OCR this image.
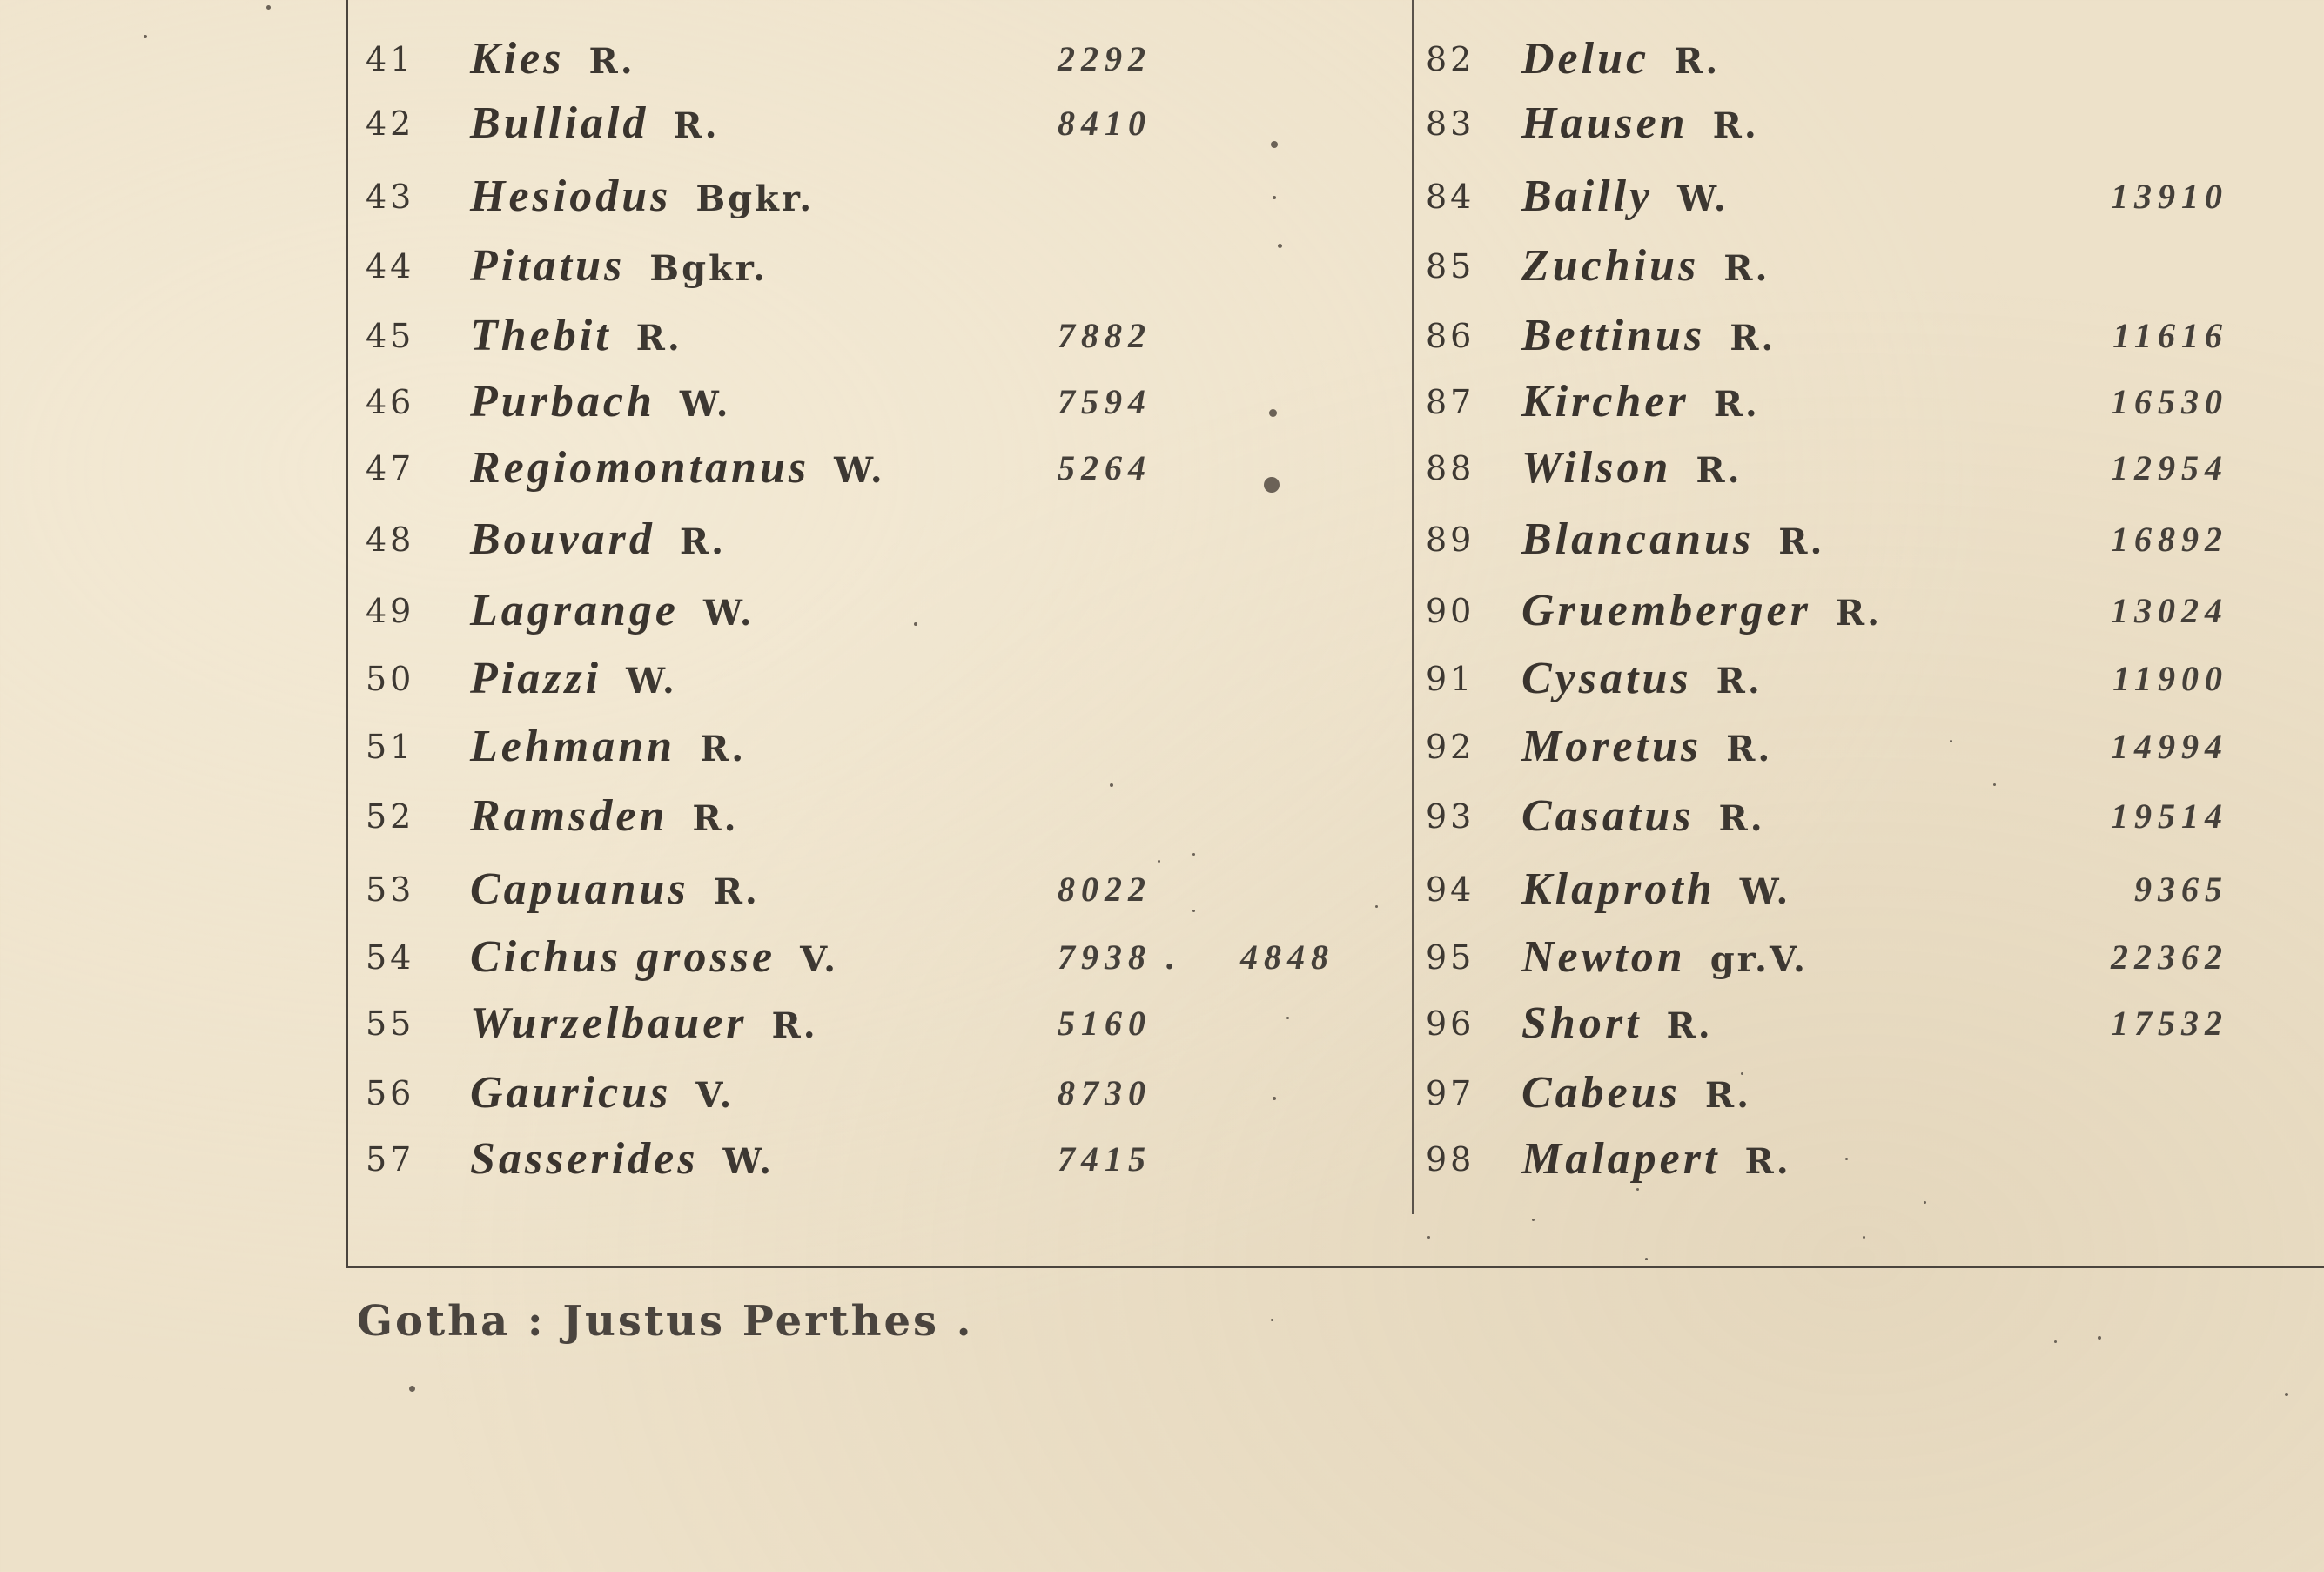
41 Kies R.	2292
42 Bulliald R.	8410
43 Hesiodus Bgkr.
44 Pitatus Bgkr.
45 Thebit R.	7882
46 Purbach W.	7594
47 Regiomontanus W.	5264
48 Bouvard R.
49 Lagrange W.
50 Piazzi W.
51 Lehmann R.
52 Ramsden R.
53 Capuanus R.	8022
54 Cichus grosse V.	7938 . 4848
55 Wurzelbauer R.	5160
56 Gauricus V.	8730
57 Sasserides W.	7415
82 Deluc R.
83 Hausen R.
84 Bailly W.	13910
85 Zuchius R.
86 Bettinus R.	11616
87 Kircher R.	16530
88 Wilson R.	12954
89 Blancanus R.	16892
90 Gruemberger R.	13024
91 Cysatus R.	11900
92 Moretus R.	14994
93 Casatus R.	19514
94 Klaproth W.	9365
95 Newton gr.V.	22362
96 Short R.	17532
97 Cabeus R.
98 Malapert R.
Gotha : Justus Perthes .
